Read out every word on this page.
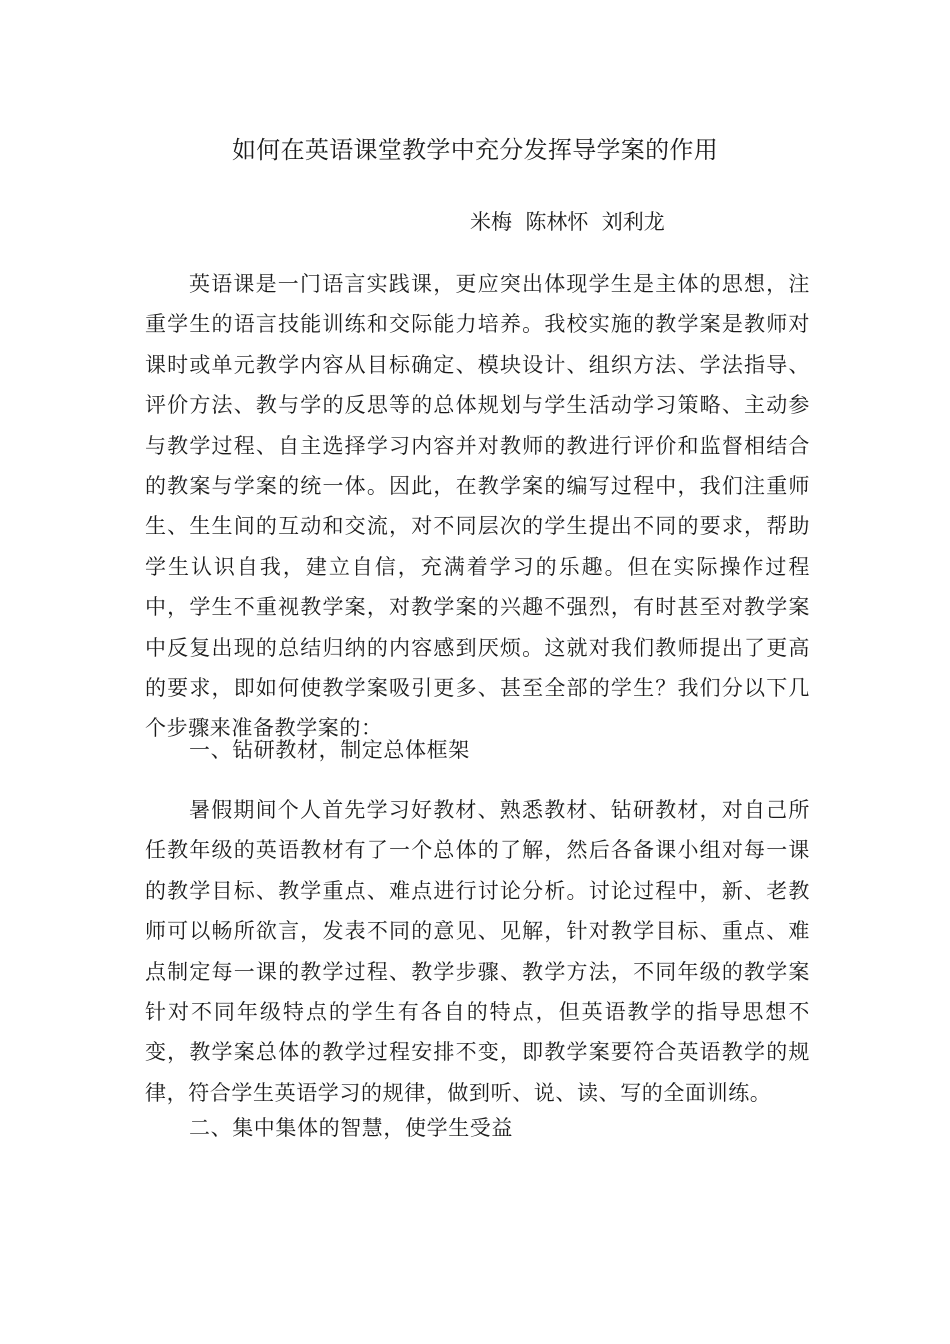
如何在英语课堂教学中充分发挥导学案的作用

米梅  陈林怀  刘利龙

英语课是一门语言实践课，更应突出体现学生是主体的思想，注重学生的语言技能训练和交际能力培养。我校实施的教学案是教师对课时或单元教学内容从目标确定、模块设计、组织方法、学法指导、评价方法、教与学的反思等的总体规划与学生活动学习策略、主动参与教学过程、自主选择学习内容并对教师的教进行评价和监督相结合的教案与学案的统一体。因此，在教学案的编写过程中，我们注重师生、生生间的互动和交流，对不同层次的学生提出不同的要求，帮助学生认识自我，建立自信，充满着学习的乐趣。但在实际操作过程中，学生不重视教学案，对教学案的兴趣不强烈，有时甚至对教学案中反复出现的总结归纳的内容感到厌烦。这就对我们教师提出了更高的要求，即如何使教学案吸引更多、甚至全部的学生？我们分以下几个步骤来准备教学案的：

一、钻研教材，制定总体框架

暑假期间个人首先学习好教材、熟悉教材、钻研教材，对自己所任教年级的英语教材有了一个总体的了解，然后各备课小组对每一课的教学目标、教学重点、难点进行讨论分析。讨论过程中，新、老教师可以畅所欲言，发表不同的意见、见解，针对教学目标、重点、难点制定每一课的教学过程、教学步骤、教学方法，不同年级的教学案针对不同年级特点的学生有各自的特点，但英语教学的指导思想不变，教学案总体的教学过程安排不变，即教学案要符合英语教学的规律，符合学生英语学习的规律，做到听、说、读、写的全面训练。

二、集中集体的智慧，使学生受益
